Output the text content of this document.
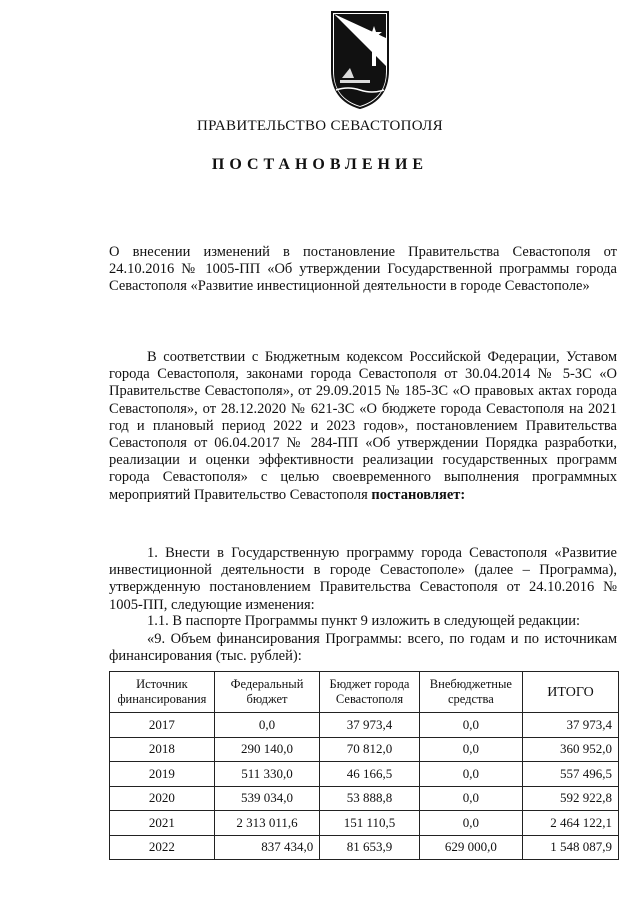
ПРАВИТЕЛЬСТВО СЕВАСТОПОЛЯ
ПОСТАНОВЛЕНИЕ

О внесении изменений в постановление Правительства Севастополя от 24.10.2016 № 1005-ПП «Об утверждении Государственной программы города Севастополя «Развитие инвестиционной деятельности в городе Севастополе»

В соответствии с Бюджетным кодексом Российской Федерации, Уставом города Севастополя, законами города Севастополя от 30.04.2014 № 5-ЗС «О Правительстве Севастополя», от 29.09.2015 № 185-ЗС «О правовых актах города Севастополя», от 28.12.2020 № 621-ЗС «О бюджете города Севастополя на 2021 год и плановый период 2022 и 2023 годов», постановлением Правительства Севастополя от 06.04.2017 № 284-ПП «Об утверждении Порядка разработки, реализации и оценки эффективности реализации государственных программ города Севастополя» с целью своевременного выполнения программных мероприятий Правительство Севастополя постановляет:

1. Внести в Государственную программу города Севастополя «Развитие инвестиционной деятельности в городе Севастополе» (далее – Программа), утвержденную постановлением Правительства Севастополя от 24.10.2016 № 1005-ПП, следующие изменения:

1.1. В паспорте Программы пункт 9 изложить в следующей редакции:

«9. Объем финансирования Программы: всего, по годам и по источникам финансирования (тыс. рублей):

Источник финансирования	Федеральный бюджет	Бюджет города Севастополя	Внебюджетные средства	ИТОГО
2017	0,0	37 973,4	0,0	37 973,4
2018	290 140,0	70 812,0	0,0	360 952,0
2019	511 330,0	46 166,5	0,0	557 496,5
2020	539 034,0	53 888,8	0,0	592 922,8
2021	2 313 011,6	151 110,5	0,0	2 464 122,1
2022	837 434,0	81 653,9	629 000,0	1 548 087,9
